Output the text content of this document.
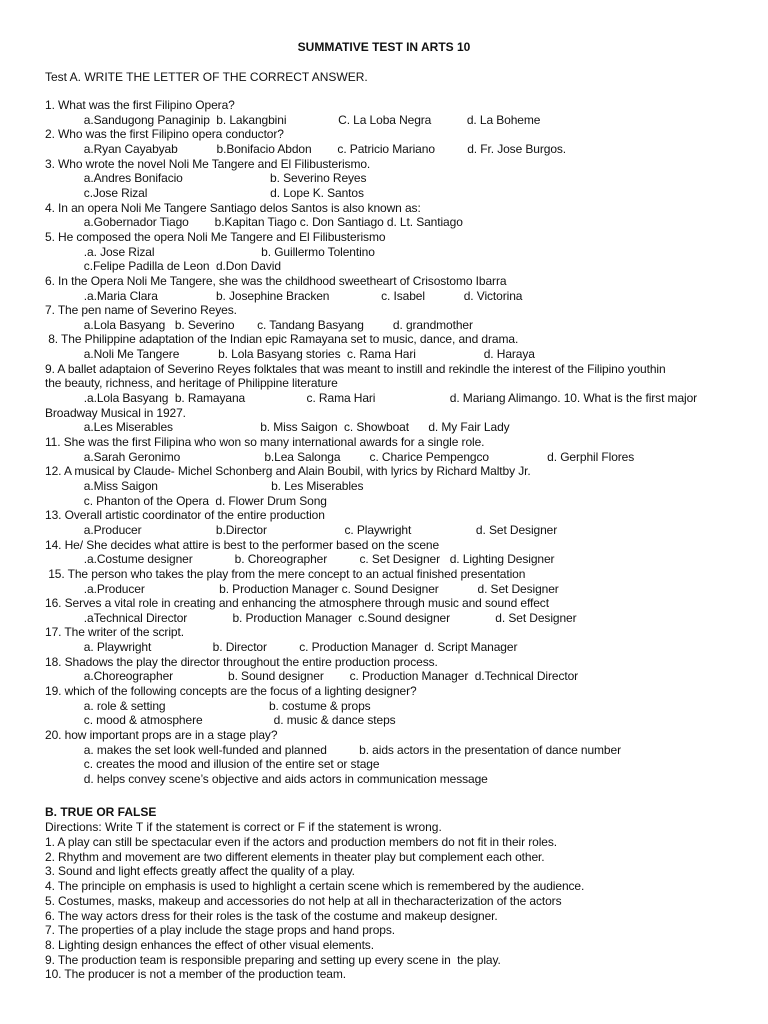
SUMMATIVE TEST IN ARTS 10
Test A. WRITE THE LETTER OF THE CORRECT ANSWER.
1. What was the first Filipino Opera?
a.Sandugong Panaginip  b. Lakangbini                C. La Loba Negra           d. La Boheme
2. Who was the first Filipino opera conductor?
a.Ryan Cayabyab            b.Bonifacio Abdon        c. Patricio Mariano          d. Fr. Jose Burgos.
3. Who wrote the novel Noli Me Tangere and El Filibusterismo.
a.Andres Bonifacio                           b. Severino Reyes
c.Jose Rizal                                      d. Lope K. Santos
4. In an opera Noli Me Tangere Santiago delos Santos is also known as:
a.Gobernador Tiago        b.Kapitan Tiago c. Don Santiago d. Lt. Santiago
5. He composed the opera Noli Me Tangere and El Filibusterismo
.a. Jose Rizal                                 b. Guillermo Tolentino
c.Felipe Padilla de Leon  d.Don David
6. In the Opera Noli Me Tangere, she was the childhood sweetheart of Crisostomo Ibarra
.a.Maria Clara                  b. Josephine Bracken                c. Isabel            d. Victorina
7. The pen name of Severino Reyes.
a.Lola Basyang   b. Severino       c. Tandang Basyang         d. grandmother
8. The Philippine adaptation of the Indian epic Ramayana set to music, dance, and drama.
a.Noli Me Tangere            b. Lola Basyang stories  c. Rama Hari                     d. Haraya
9. A ballet adaptaion of Severino Reyes folktales that was meant to instill and rekindle the interest of the Filipino youthin
the beauty, richness, and heritage of Philippine literature
.a.Lola Basyang  b. Ramayana                   c. Rama Hari                       d. Mariang Alimango. 10. What is the first major
Broadway Musical in 1927.
a.Les Miserables                           b. Miss Saigon  c. Showboat      d. My Fair Lady
11. She was the first Filipina who won so many international awards for a single role.
a.Sarah Geronimo                          b.Lea Salonga         c. Charice Pempengco                  d. Gerphil Flores
12. A musical by Claude- Michel Schonberg and Alain Boubil, with lyrics by Richard Maltby Jr.
a.Miss Saigon                                   b. Les Miserables
c. Phanton of the Opera  d. Flower Drum Song
13. Overall artistic coordinator of the entire production
a.Producer                       b.Director                        c. Playwright                    d. Set Designer
14. He/ She decides what attire is best to the performer based on the scene
.a.Costume designer             b. Choreographer          c. Set Designer   d. Lighting Designer
15. The person who takes the play from the mere concept to an actual finished presentation
.a.Producer                       b. Production Manager c. Sound Designer            d. Set Designer
16. Serves a vital role in creating and enhancing the atmosphere through music and sound effect
.aTechnical Director              b. Production Manager  c.Sound designer              d. Set Designer
17. The writer of the script.
a. Playwright                   b. Director          c. Production Manager  d. Script Manager
18. Shadows the play the director throughout the entire production process.
a.Choreographer                 b. Sound designer        c. Production Manager  d.Technical Director
19. which of the following concepts are the focus of a lighting designer?
a. role & setting                                b. costume & props
c. mood & atmosphere                      d. music & dance steps
20. how important props are in a stage play?
a. makes the set look well-funded and planned          b. aids actors in the presentation of dance number
c. creates the mood and illusion of the entire set or stage
d. helps convey scene’s objective and aids actors in communication message
B. TRUE OR FALSE
Directions: Write T if the statement is correct or F if the statement is wrong.
1. A play can still be spectacular even if the actors and production members do not fit in their roles.
2. Rhythm and movement are two different elements in theater play but complement each other.
3. Sound and light effects greatly affect the quality of a play.
4. The principle on emphasis is used to highlight a certain scene which is remembered by the audience.
5. Costumes, masks, makeup and accessories do not help at all in thecharacterization of the actors
6. The way actors dress for their roles is the task of the costume and makeup designer.
7. The properties of a play include the stage props and hand props.
8. Lighting design enhances the effect of other visual elements.
9. The production team is responsible preparing and setting up every scene in  the play.
10. The producer is not a member of the production team.
